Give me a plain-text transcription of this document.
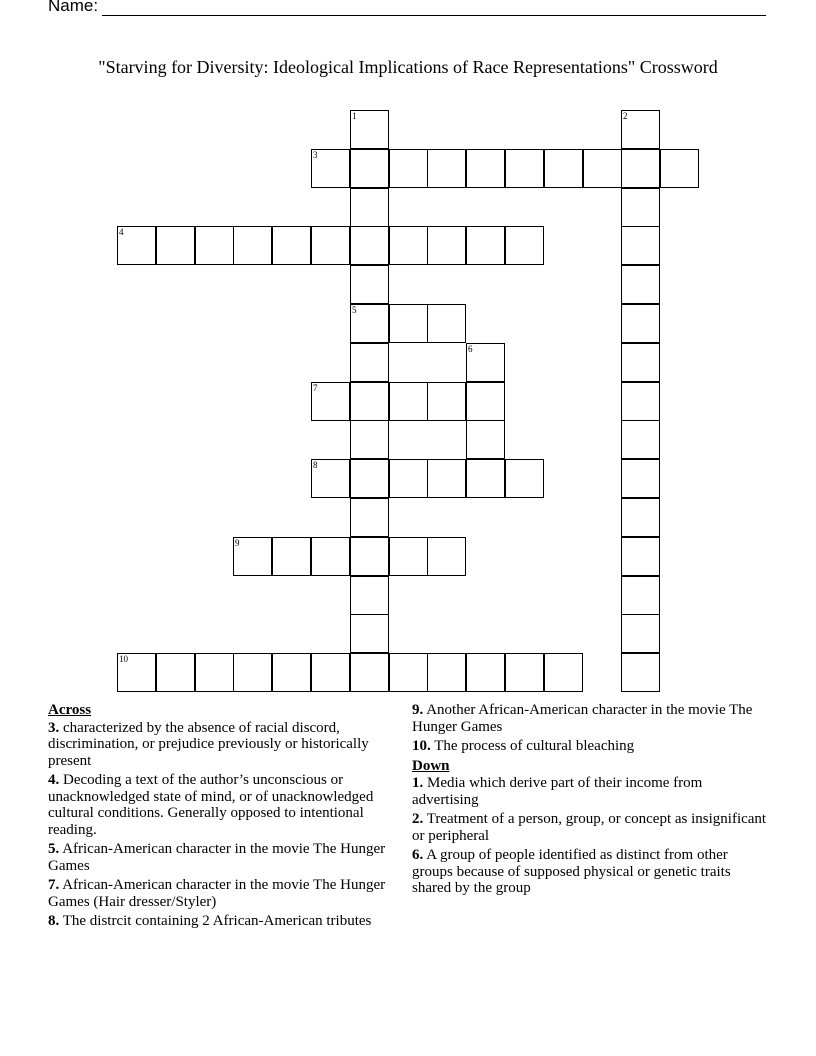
Name:
"Starving for Diversity: Ideological Implications of Race Representations" Crossword
1
5
2
3
4
6
7
8
9
10
Across
3. characterized by the absence of racial discord, discrimination, or prejudice previously or historically present
4. Decoding a text of the author’s unconscious or unacknowledged state of mind, or of unacknowledged cultural conditions. Generally opposed to intentional reading.
5. African-American character in the movie The Hunger Games
7. African-American character in the movie The Hunger Games (Hair dresser/Styler)
8. The distrcit containing 2 African-American tributes
9. Another African-American character in the movie The Hunger Games
10. The process of cultural bleaching
Down
1. Media which derive part of their income from advertising
2. Treatment of a person, group, or concept as insignificant or peripheral
6. A group of people identified as distinct from other groups because of supposed physical or genetic traits shared by the group
